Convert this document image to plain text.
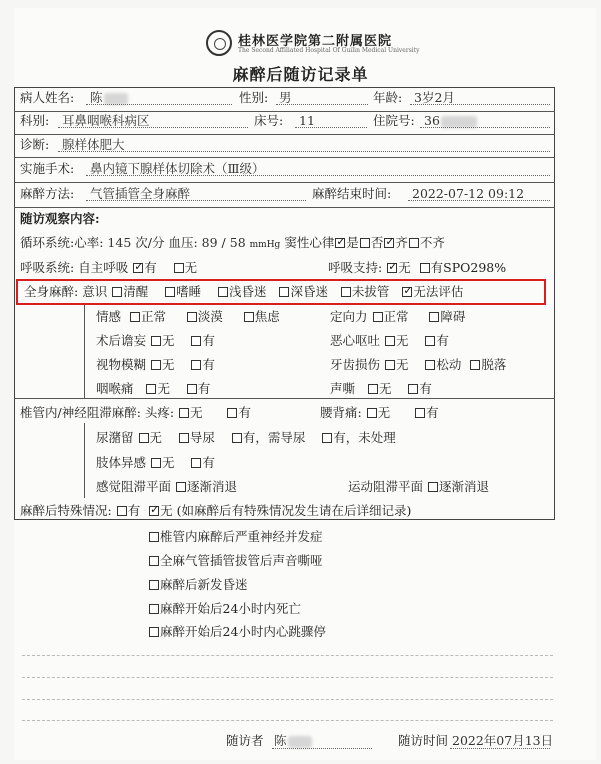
桂林医学院第二附属医院
The Second Affiliated Hospital Of Guilin Medical University
麻醉后随访记录单
病人姓名: 陈	性别: 男	年龄: 3岁2月
科别: 耳鼻咽喉科病区	床号: 11	住院号: 36
诊断: 腺样体肥大
实施手术: 鼻内镜下腺样体切除术（Ⅲ级）
麻醉方法: 气管插管全身麻醉	麻醉结束时间: 2022-07-12 09:12
随访观察内容:
循环系统:心率: 145 次/分 血压: 89 / 58 mmHg 窦性心律 ✓ 是 否 ✓ 齐 不齐
呼吸系统: 自主呼吸 ✓ 有 无	呼吸支持: ✓ 无 有SPO298%
全身麻醉: 意识 清醒 嗜睡 浅昏迷 深昏迷 未拔管 ✓ 无法评估
情感 正常	淡漠	焦虑	定向力 正常	障碍
术后谵妄 无 有	恶心呕吐 无 有
视物模糊 无 有	牙齿损伤 无 松动 脱落
咽喉痛 无 有	声嘶 无 有
椎管内/神经阻滞麻醉: 头疼: 无	有	腰背痛: 无	有
尿潴留 无 导尿 有，需导尿 有，未处理
肢体异感 无 有
感觉阻滞平面 逐渐消退	运动阻滞平面 逐渐消退
麻醉后特殊情况: 有 ✓ 无 (如麻醉后有特殊情况发生请在后详细记录)
椎管内麻醉后严重神经并发症
全麻气管插管拔管后声音嘶哑
麻醉后新发昏迷
麻醉开始后24小时内死亡
麻醉开始后24小时内心跳骤停
随访者 陈	随访时间 2022年07月13日
